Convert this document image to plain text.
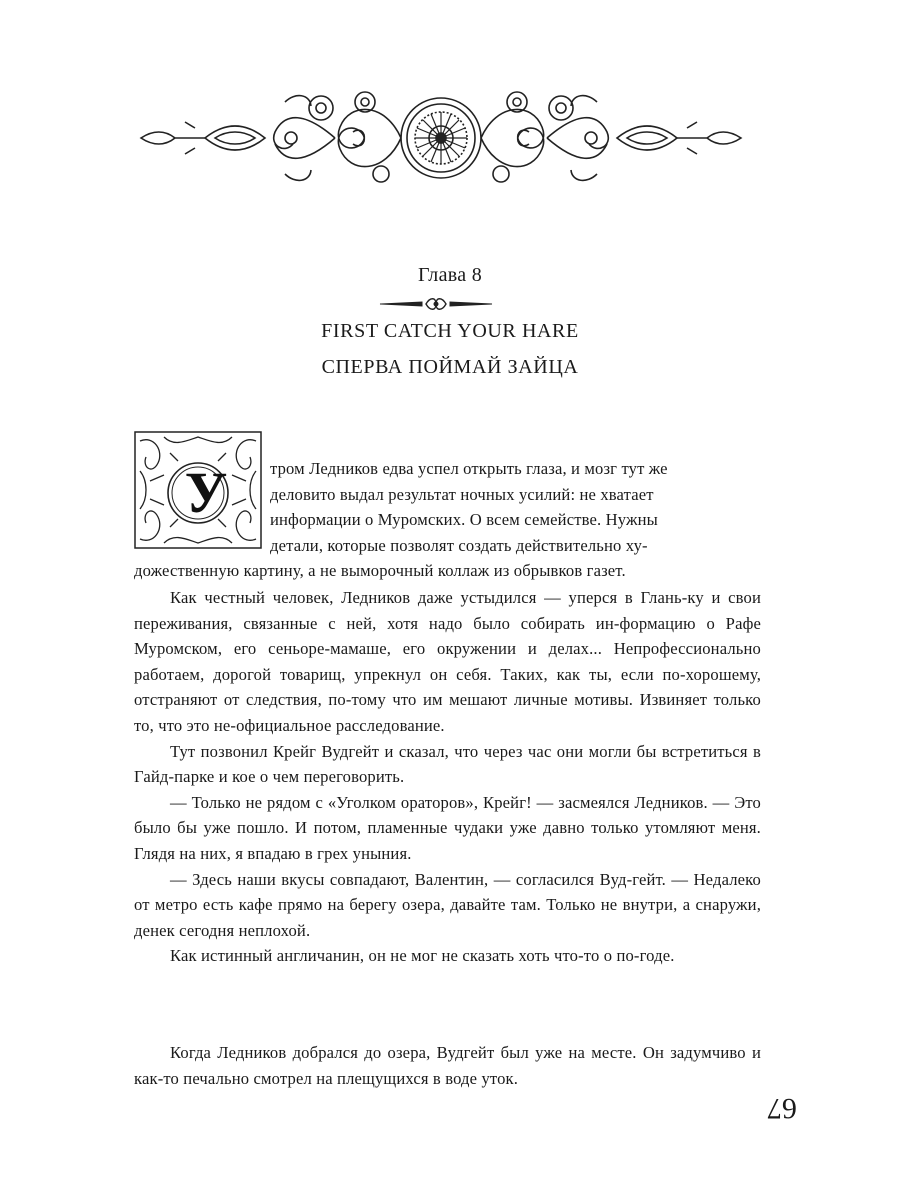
Глава 8
FIRST CATCH YOUR HARE
СПЕРВА ПОЙМАЙ ЗАЙЦА
У	тром Ледников едва успел открыть глаза, и мозг тут же
деловито выдал результат ночных усилий: не хватает
информации о Муромских. О всем семействе. Нужны
детали, которые позволят создать действительно ху-

дожественную картину, а не выморочный коллаж из обрывков газет.

Как честный человек, Ледников даже устыдился — уперся в Глань-ку и свои переживания, связанные с ней, хотя надо было собирать ин-формацию о Рафе Муромском, его сеньоре-мамаше, его окружении и делах... Непрофессионально работаем, дорогой товарищ, упрекнул он себя. Таких, как ты, если по-хорошему, отстраняют от следствия, по-тому что им мешают личные мотивы. Извиняет только то, что это не-официальное расследование.

Тут позвонил Крейг Вудгейт и сказал, что через час они могли бы встретиться в Гайд-парке и кое о чем переговорить.

— Только не рядом с «Уголком ораторов», Крейг! — засмеялся Ледников. — Это было бы уже пошло. И потом, пламенные чудаки уже давно только утомляют меня. Глядя на них, я впадаю в грех уныния.

— Здесь наши вкусы совпадают, Валентин, — согласился Вуд-гейт. — Недалеко от метро есть кафе прямо на берегу озера, давайте там. Только не внутри, а снаружи, денек сегодня неплохой.

Как истинный англичанин, он не мог не сказать хоть что-то о по-годе.

Когда Ледников добрался до озера, Вудгейт был уже на месте. Он задумчиво и как-то печально смотрел на плещущихся в воде уток.

67
